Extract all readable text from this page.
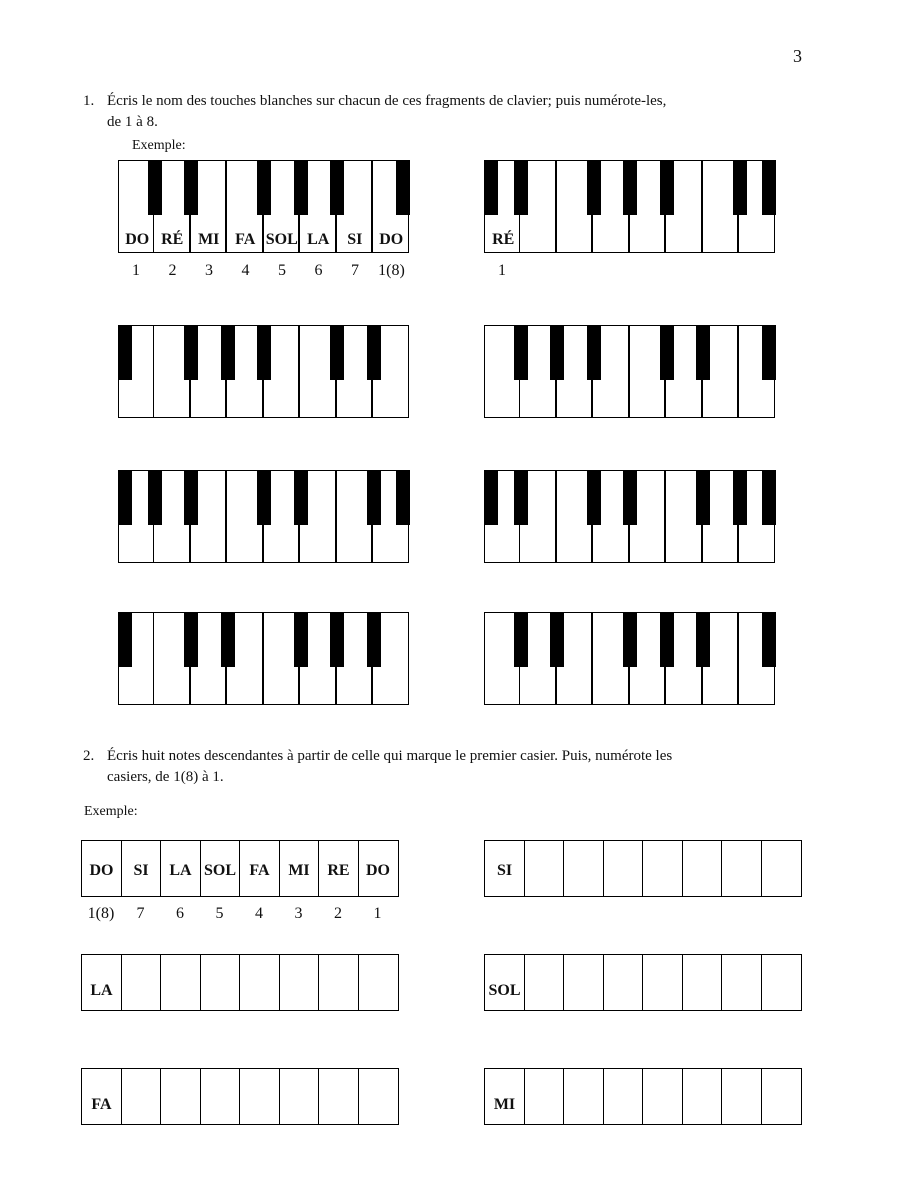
3
1. Écris le nom des touches blanches sur chacun de ces fragments de clavier; puis numérote-les,
de 1 à 8.
Exemple:
DO RÉ MI FA SOL LA	SI	DO	RÉ
1	2	3	4	5	6	7	1(8)	1
2. Écris huit notes descendantes à partir de celle qui marque le premier casier. Puis, numérote les
casiers, de 1(8) à 1.
Exemple:
DO	SI	LA SOL FA	MI	RE	DO
1(8)	7	6	5	4	3	2	1
SI
LA	SOL
FA	MI
